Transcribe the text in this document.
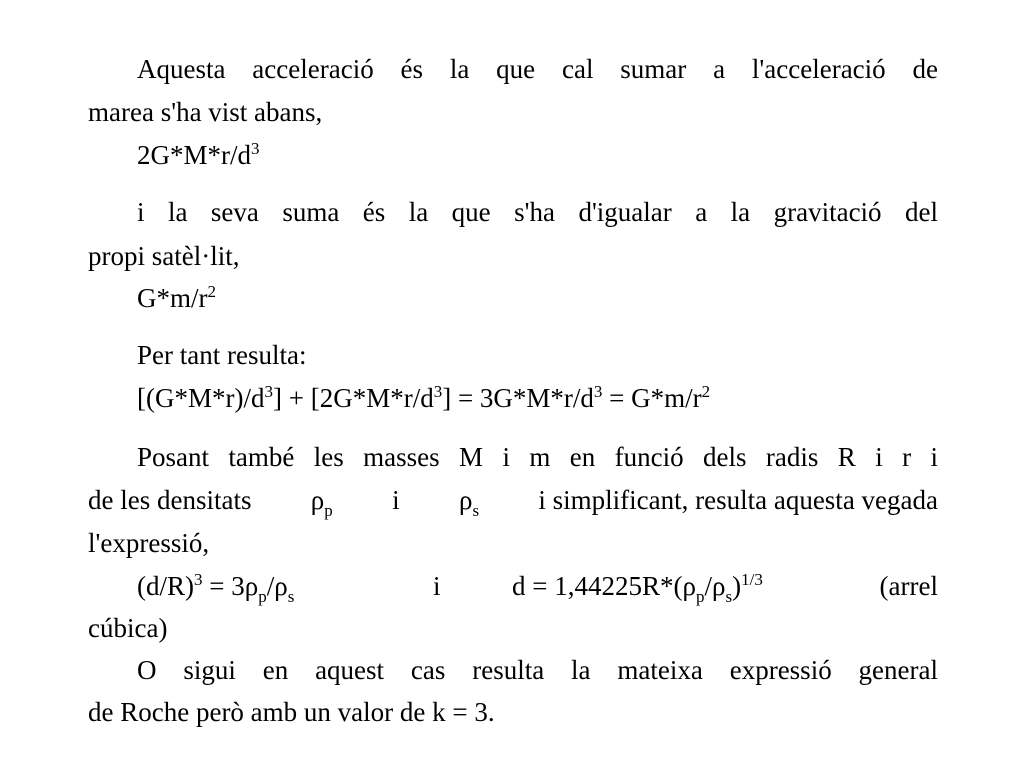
Aquesta acceleració és la que cal sumar a l'acceleració de
marea s'ha vist abans,
$2G*M*r/d^3$
i la seva suma és la que s'ha d'igualar a la gravitació del
propi satèl·lit,
$G*m/r^2$
Per tant resulta:
$[(G*M*r)/d^3] + [2G*M*r/d^3] = 3G*M*r/d^3 = G*m/r^2$
Posant també les masses M i m en funció dels radis R i r i
de les densitats $\rho_p$ i $\rho_s$ i simplificant, resulta aquesta vegada
l'expressió,
$(d/R)^3 = 3\rho_p/\rho_s$	i	$d = 1,44225R*(\rho_p/\rho_s)^{1/3}$	(arrel
cúbica)
O sigui en aquest cas resulta la mateixa expressió general
de Roche però amb un valor de k = 3.
